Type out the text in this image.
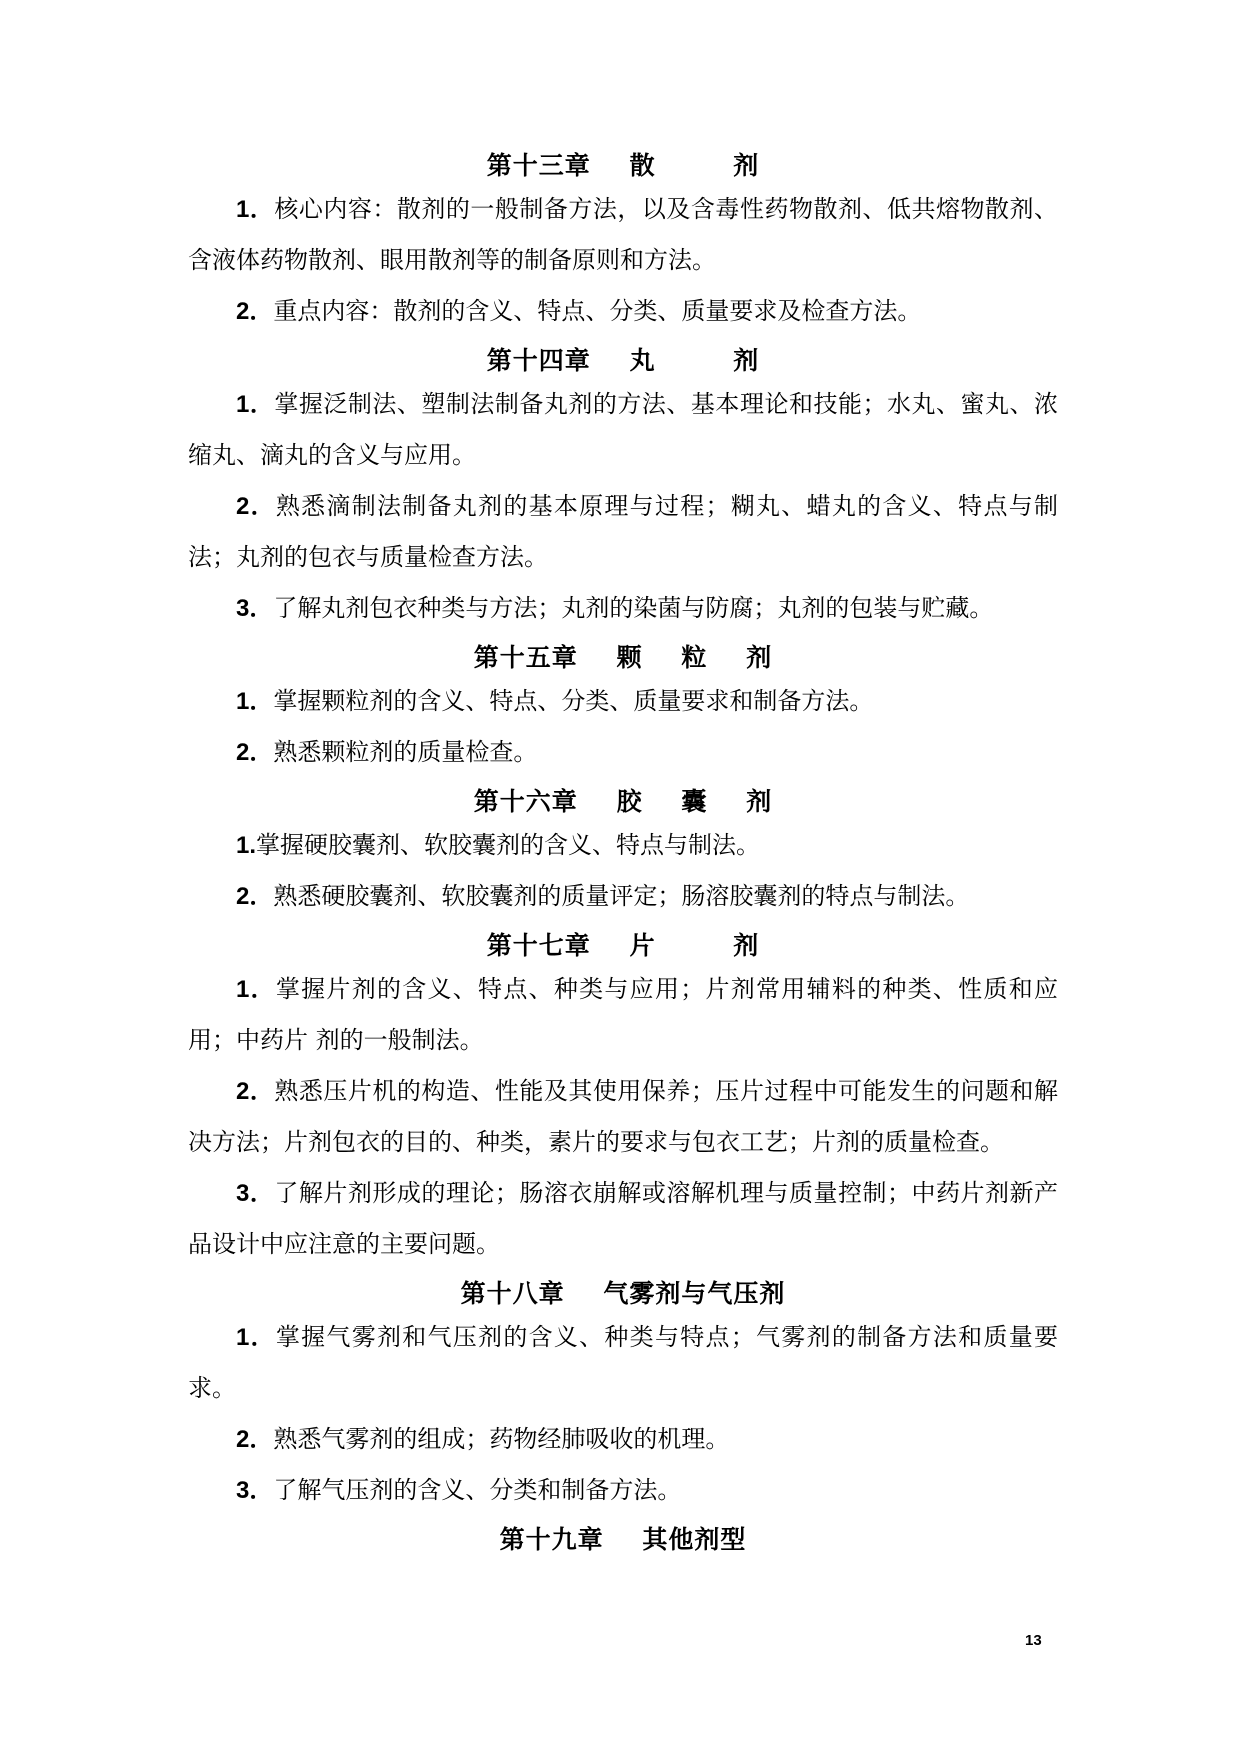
第十三章    散        剂

1．核心内容：散剂的一般制备方法，以及含毒性药物散剂、低共熔物散剂、含液体药物散剂、眼用散剂等的制备原则和方法。

2．重点内容：散剂的含义、特点、分类、质量要求及检查方法。

第十四章    丸        剂

1．掌握泛制法、塑制法制备丸剂的方法、基本理论和技能；水丸、蜜丸、浓缩丸、滴丸的含义与应用。

2．熟悉滴制法制备丸剂的基本原理与过程；糊丸、蜡丸的含义、特点与制法；丸剂的包衣与质量检查方法。

3．了解丸剂包衣种类与方法；丸剂的染菌与防腐；丸剂的包装与贮藏。

第十五章    颗    粒    剂

1．掌握颗粒剂的含义、特点、分类、质量要求和制备方法。

2．熟悉颗粒剂的质量检查。

第十六章    胶    囊    剂

1.掌握硬胶囊剂、软胶囊剂的含义、特点与制法。

2．熟悉硬胶囊剂、软胶囊剂的质量评定；肠溶胶囊剂的特点与制法。

第十七章    片        剂

1．掌握片剂的含义、特点、种类与应用；片剂常用辅料的种类、性质和应用；中药片 剂的一般制法。

2．熟悉压片机的构造、性能及其使用保养；压片过程中可能发生的问题和解决方法；片剂包衣的目的、种类，素片的要求与包衣工艺；片剂的质量检查。

3．了解片剂形成的理论；肠溶衣崩解或溶解机理与质量控制；中药片剂新产品设计中应注意的主要问题。

第十八章    气雾剂与气压剂

1．掌握气雾剂和气压剂的含义、种类与特点；气雾剂的制备方法和质量要求。

2．熟悉气雾剂的组成；药物经肺吸收的机理。

3．了解气压剂的含义、分类和制备方法。

第十九章    其他剂型
13
